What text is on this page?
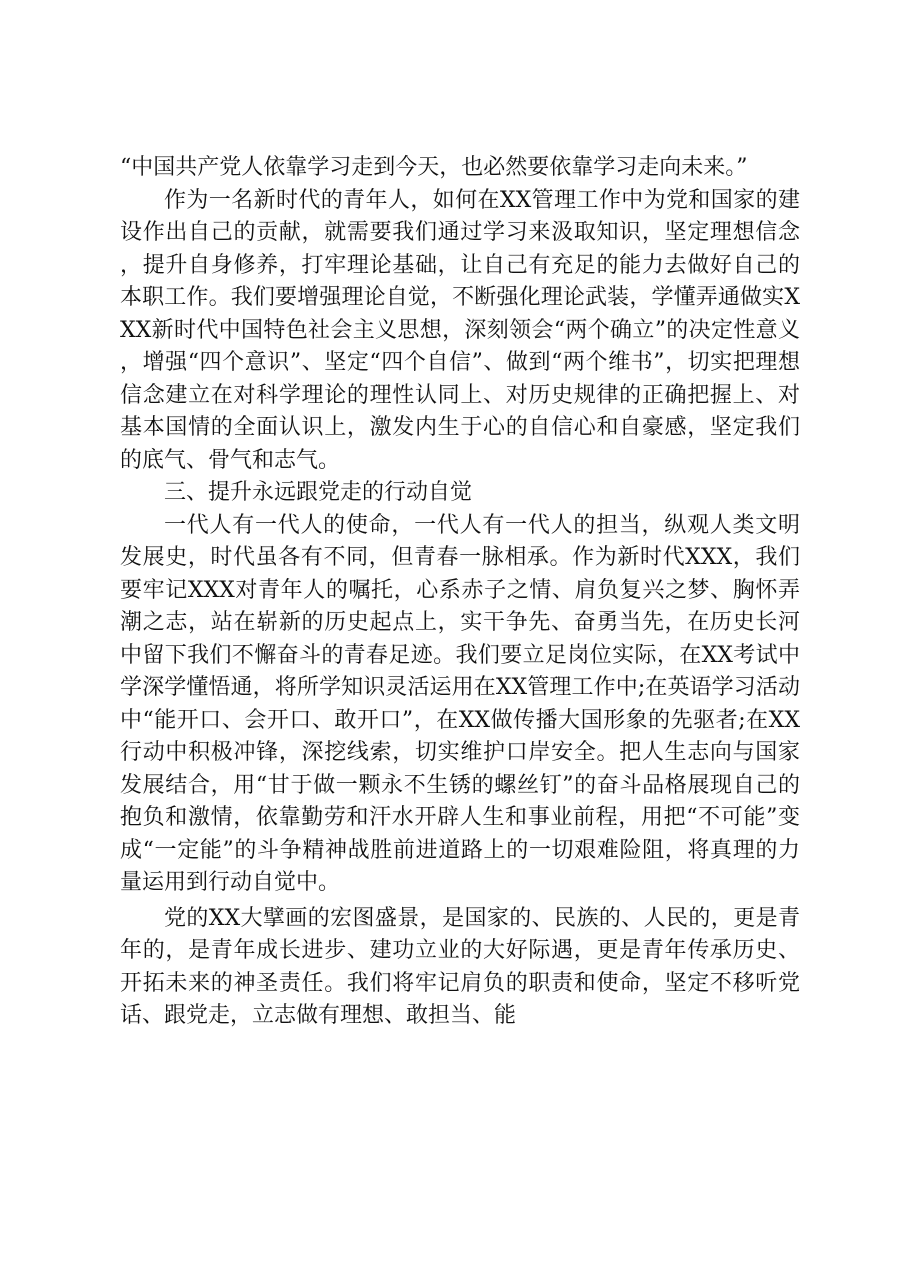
“中国共产党人依靠学习走到今天，也必然要依靠学习走向未来。”

作为一名新时代的青年人，如何在XX管理工作中为党和国家的建设作出自己的贡献，就需要我们通过学习来汲取知识，坚定理想信念，提升自身修养，打牢理论基础，让自己有充足的能力去做好自己的本职工作。我们要增强理论自觉，不断强化理论武装，学懂弄通做实XXX新时代中国特色社会主义思想，深刻领会“两个确立”的决定性意义，增强“四个意识”、坚定“四个自信”、做到“两个维书”，切实把理想信念建立在对科学理论的理性认同上、对历史规律的正确把握上、对基本国情的全面认识上，激发内生于心的自信心和自豪感，坚定我们的底气、骨气和志气。

三、提升永远跟党走的行动自觉

一代人有一代人的使命，一代人有一代人的担当，纵观人类文明发展史，时代虽各有不同，但青春一脉相承。作为新时代XXX，我们要牢记XXX对青年人的嘱托，心系赤子之情、肩负复兴之梦、胸怀弄潮之志，站在崭新的历史起点上，实干争先、奋勇当先，在历史长河中留下我们不懈奋斗的青春足迹。我们要立足岗位实际，在XX考试中学深学懂悟通，将所学知识灵活运用在XX管理工作中;在英语学习活动中“能开口、会开口、敢开口”，在XX做传播大国形象的先驱者;在XX行动中积极冲锋，深挖线索，切实维护口岸安全。把人生志向与国家发展结合，用“甘于做一颗永不生锈的螺丝钉”的奋斗品格展现自己的抱负和激情，依靠勤劳和汗水开辟人生和事业前程，用把“不可能”变成“一定能”的斗争精神战胜前进道路上的一切艰难险阻，将真理的力量运用到行动自觉中。

党的XX大擘画的宏图盛景，是国家的、民族的、人民的，更是青年的，是青年成长进步、建功立业的大好际遇，更是青年传承历史、开拓未来的神圣责任。我们将牢记肩负的职责和使命，坚定不移听党话、跟党走，立志做有理想、敢担当、能
